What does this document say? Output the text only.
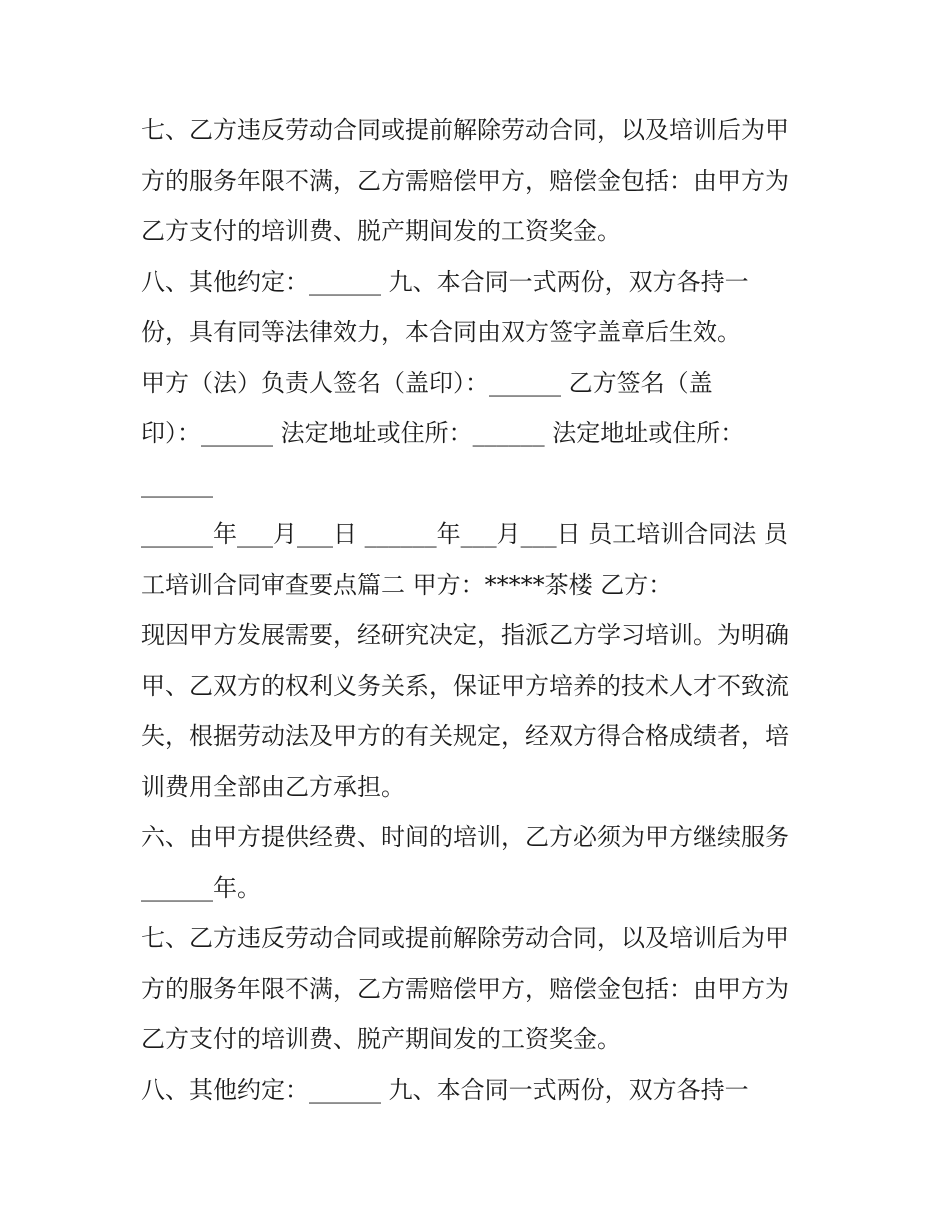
七、乙方违反劳动合同或提前解除劳动合同，以及培训后为甲
方的服务年限不满，乙方需赔偿甲方，赔偿金包括：由甲方为
乙方支付的培训费、脱产期间发的工资奖金。
八、其他约定：______ 九、本合同一式两份，双方各持一
份，具有同等法律效力，本合同由双方签字盖章后生效。
甲方（法）负责人签名（盖印）：______ 乙方签名（盖
印）：______ 法定地址或住所：______ 法定地址或住所：
______
______年___月___日 ______年___月___日 员工培训合同法 员
工培训合同审查要点篇二 甲方：*****茶楼 乙方：
现因甲方发展需要，经研究决定，指派乙方学习培训。为明确
甲、乙双方的权利义务关系，保证甲方培养的技术人才不致流
失，根据劳动法及甲方的有关规定，经双方得合格成绩者，培
训费用全部由乙方承担。
六、由甲方提供经费、时间的培训，乙方必须为甲方继续服务
______年。
七、乙方违反劳动合同或提前解除劳动合同，以及培训后为甲
方的服务年限不满，乙方需赔偿甲方，赔偿金包括：由甲方为
乙方支付的培训费、脱产期间发的工资奖金。
八、其他约定：______ 九、本合同一式两份，双方各持一
